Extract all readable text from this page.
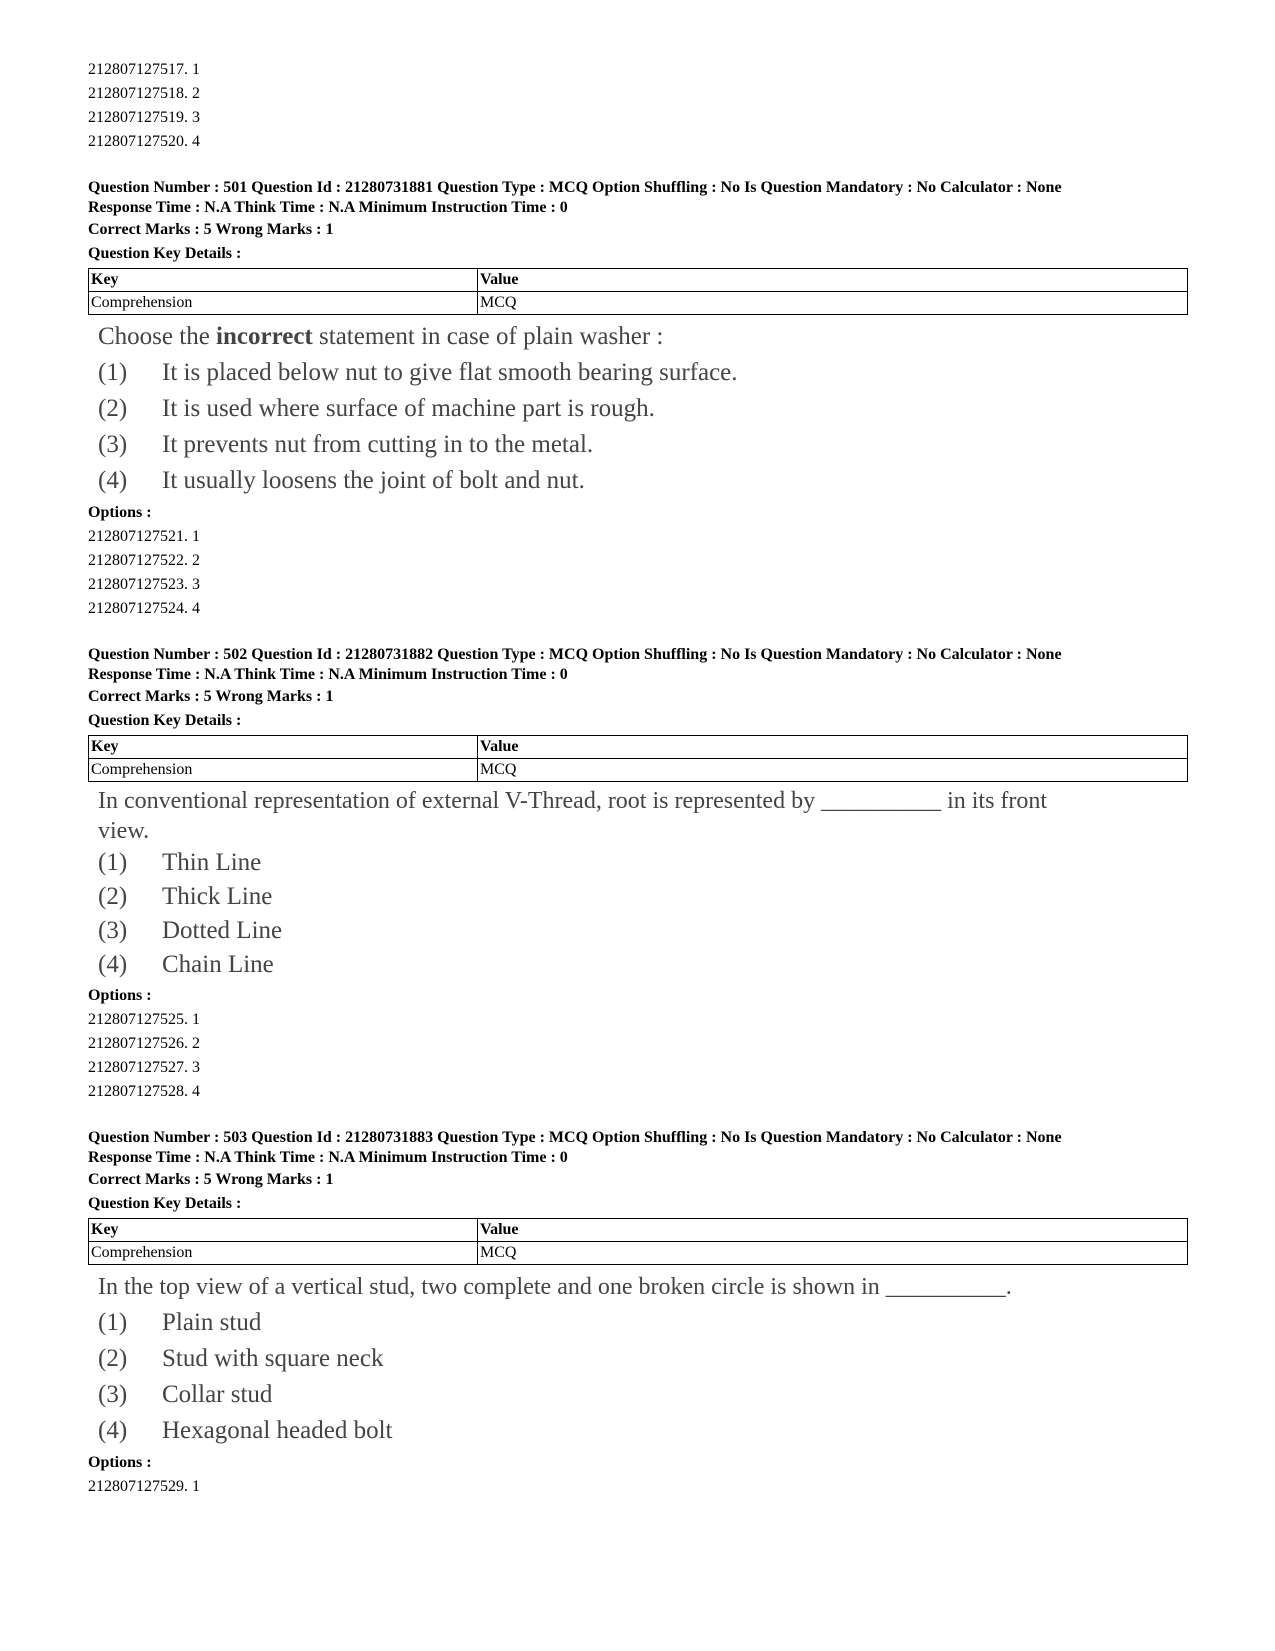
212807127517. 1
212807127518. 2
212807127519. 3
212807127520. 4
Question Number : 501 Question Id : 21280731881 Question Type : MCQ Option Shuffling : No Is Question Mandatory : No Calculator : None
Response Time : N.A Think Time : N.A Minimum Instruction Time : 0
Correct Marks : 5 Wrong Marks : 1
Question Key Details :
Key	Value
Comprehension	MCQ
Choose the incorrect statement in case of plain washer :
(1) It is placed below nut to give flat smooth bearing surface.
(2) It is used where surface of machine part is rough.
(3) It prevents nut from cutting in to the metal.
(4) It usually loosens the joint of bolt and nut.
Options :
212807127521. 1
212807127522. 2
212807127523. 3
212807127524. 4
Question Number : 502 Question Id : 21280731882 Question Type : MCQ Option Shuffling : No Is Question Mandatory : No Calculator : None
Response Time : N.A Think Time : N.A Minimum Instruction Time : 0
Correct Marks : 5 Wrong Marks : 1
Question Key Details :
Key	Value
Comprehension	MCQ
In conventional representation of external V-Thread, root is represented by __________ in its front
view.
(1) Thin Line
(2) Thick Line
(3) Dotted Line
(4) Chain Line
Options :
212807127525. 1
212807127526. 2
212807127527. 3
212807127528. 4
Question Number : 503 Question Id : 21280731883 Question Type : MCQ Option Shuffling : No Is Question Mandatory : No Calculator : None
Response Time : N.A Think Time : N.A Minimum Instruction Time : 0
Correct Marks : 5 Wrong Marks : 1
Question Key Details :
Key	Value
Comprehension	MCQ
In the top view of a vertical stud, two complete and one broken circle is shown in __________.
(1) Plain stud
(2) Stud with square neck
(3) Collar stud
(4) Hexagonal headed bolt
Options :
212807127529. 1
